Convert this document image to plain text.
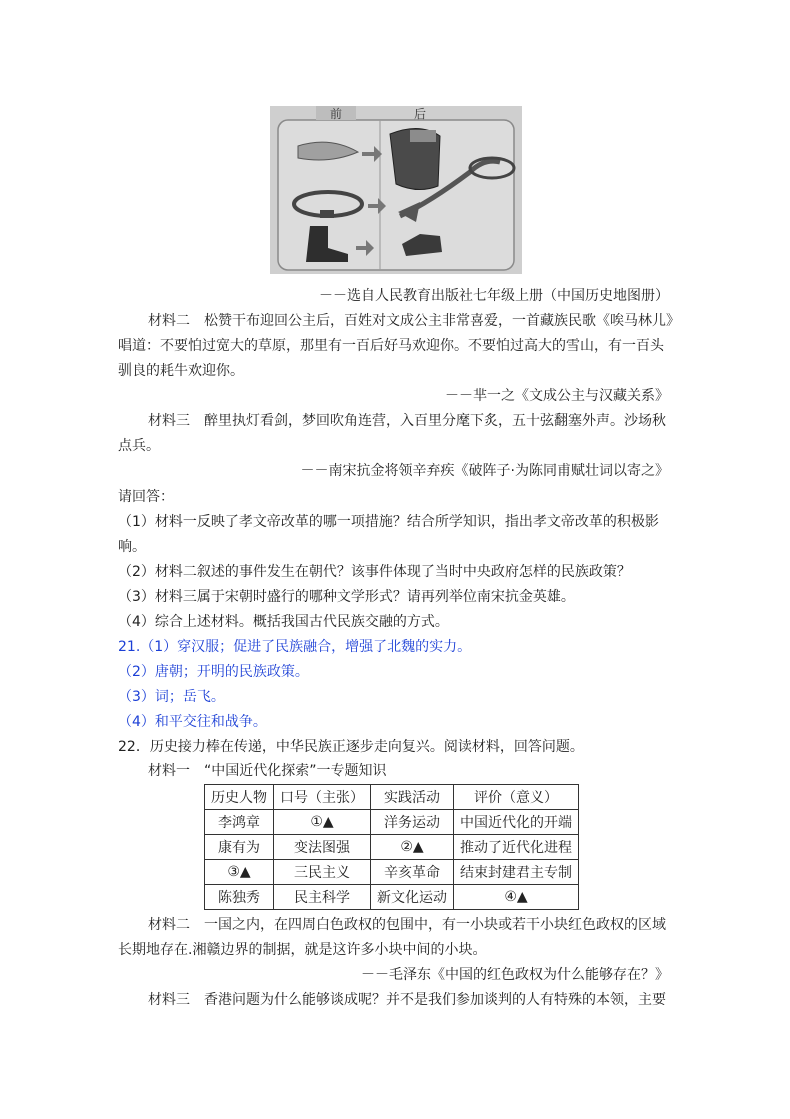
前	后
－－选自人民教育出版社七年级上册（中国历史地图册）
材料二　松赞干布迎回公主后，百姓对文成公主非常喜爱，一首藏族民歌《唉马林儿》
唱道：不要怕过宽大的草原，那里有一百后好马欢迎你。不要怕过高大的雪山，有一百头
驯良的耗牛欢迎你。
－－芈一之《文成公主与汉藏关系》
材料三　醉里执灯看剑，梦回吹角连营，入百里分麾下炙，五十弦翻塞外声。沙场秋
点兵。
－－南宋抗金将领辛弃疾《破阵子·为陈同甫赋壮词以寄之》
请回答：
（1）材料一反映了孝文帝改革的哪一项措施？结合所学知识，指出孝文帝改革的积极影
响。
（2）材料二叙述的事件发生在朝代？该事件体现了当时中央政府怎样的民族政策？
（3）材料三属于宋朝时盛行的哪种文学形式？请再列举位南宋抗金英雄。
（4）综合上述材料。概括我国古代民族交融的方式。
21.（1）穿汉服；促进了民族融合，增强了北魏的实力。
（2）唐朝；开明的民族政策。
（3）词；岳飞。
（4）和平交往和战争。
22．历史接力棒在传递，中华民族正逐步走向复兴。阅读材料，回答问题。
材料一　“中国近代化探索”一专题知识
历史人物	口号（主张）	实践活动	评价（意义）
李鸿章	①▲	洋务运动	中国近代化的开端
康有为	变法图强	②▲	推动了近代化进程
③▲	三民主义	辛亥革命	结束封建君主专制
陈独秀	民主科学	新文化运动	④▲
材料二　一国之内，在四周白色政权的包围中，有一小块或若干小块红色政权的区域
长期地存在.湘赣边界的制据，就是这许多小块中间的小块。
－－毛泽东《中国的红色政权为什么能够存在？》
材料三　香港问题为什么能够谈成呢？并不是我们参加谈判的人有特殊的本领，主要
